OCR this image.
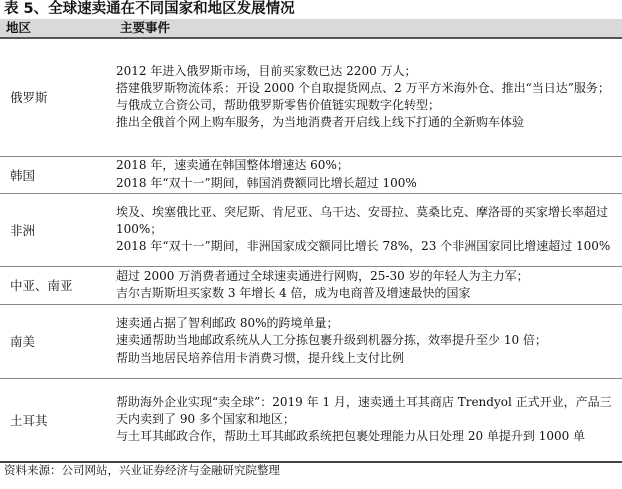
表 5、全球速卖通在不同国家和地区发展情况
地区	主要事件
俄罗斯	2012 年进入俄罗斯市场，目前买家数已达 2200 万人；
搭建俄罗斯物流体系：开设 2000 个自取提货网点、2 万平方米海外仓、推出“当日达”服务；
与俄成立合资公司，帮助俄罗斯零售价值链实现数字化转型；
推出全俄首个网上购车服务，为当地消费者开启线上线下打通的全新购车体验

韩国	2018 年，速卖通在韩国整体增速达 60%；
2018 年“双十一”期间，韩国消费额同比增长超过 100%

非洲	埃及、埃塞俄比亚、突尼斯、肯尼亚、乌干达、安哥拉、莫桑比克、摩洛哥的买家增长率超过 100%；
2018 年“双十一”期间，非洲国家成交额同比增长 78%，23 个非洲国家同比增速超过 100%

中亚、南亚	超过 2000 万消费者通过全球速卖通进行网购，25-30 岁的年轻人为主力军；
吉尔吉斯斯坦买家数 3 年增长 4 倍，成为电商普及增速最快的国家

南美	速卖通占据了智利邮政 80%的跨境单量；
速卖通帮助当地邮政系统从人工分拣包裹升级到机器分拣，效率提升至少 10 倍；
帮助当地居民培养信用卡消费习惯，提升线上支付比例

土耳其	帮助海外企业实现“卖全球”：2019 年 1 月，速卖通土耳其商店 Trendyol 正式开业，产品三天内卖到了 90 多个国家和地区；
与土耳其邮政合作，帮助土耳其邮政系统把包裹处理能力从日处理 20 单提升到 1000 单
资料来源：公司网站，兴业证券经济与金融研究院整理
